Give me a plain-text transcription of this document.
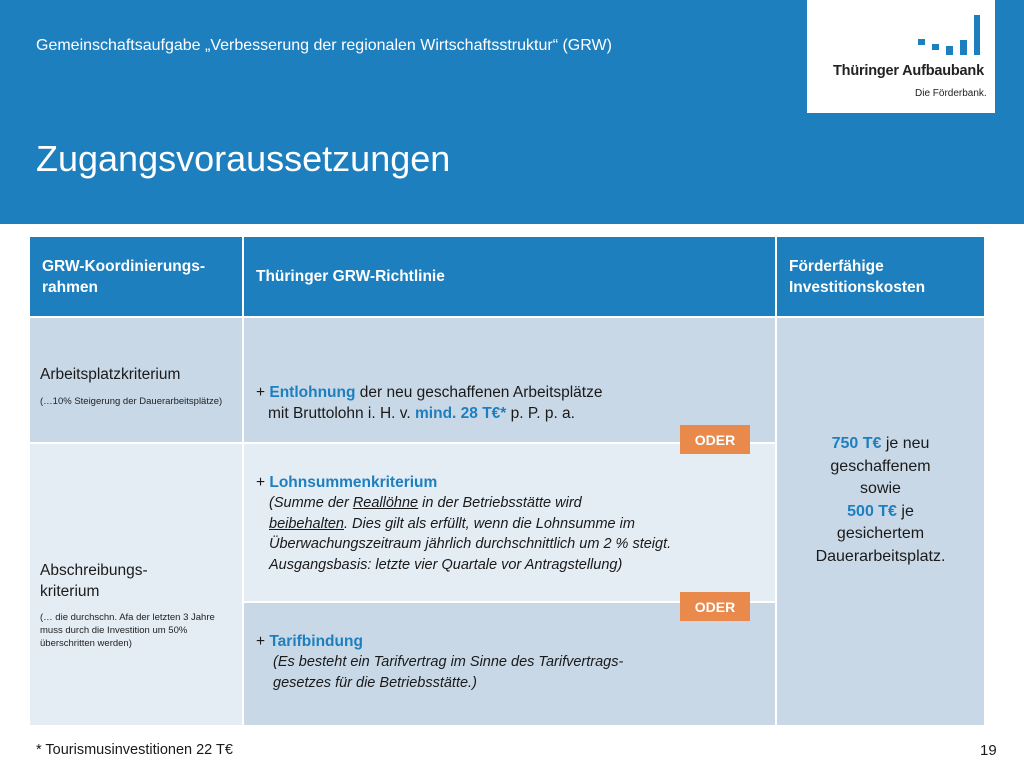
Gemeinschaftsaufgabe „Verbesserung der regionalen Wirtschaftsstruktur“ (GRW)
Zugangsvoraussetzungen
Thüringer Aufbaubank
Die Förderbank.
GRW-Koordinierungs-rahmen
Thüringer GRW-Richtlinie
Förderfähige Investitionskosten
Arbeitsplatzkriterium
(…10% Steigerung der Dauerarbeitsplätze)
Abschreibungs-kriterium
(… die durchschn. Afa der letzten 3 Jahre muss durch die Investition um 50% überschritten werden)
+ Entlohnung der neu geschaffenen Arbeitsplätze
mit Bruttolohn i. H. v. mind. 28 T€* p. P. p. a.
+ Lohnsummenkriterium
(Summe der Reallöhne in der Betriebsstätte wird
beibehalten. Dies gilt als erfüllt, wenn die Lohnsumme im
Überwachungszeitraum jährlich durchschnittlich um 2 % steigt.
Ausgangsbasis: letzte vier Quartale vor Antragstellung)
+ Tarifbindung
(Es besteht ein Tarifvertrag im Sinne des Tarifvertrags-
gesetzes für die Betriebsstätte.)
750 T€ je neu
geschaffenem
sowie
500 T€ je
gesichertem
Dauerarbeitsplatz.
ODER
ODER
* Tourismusinvestitionen 22 T€	19
